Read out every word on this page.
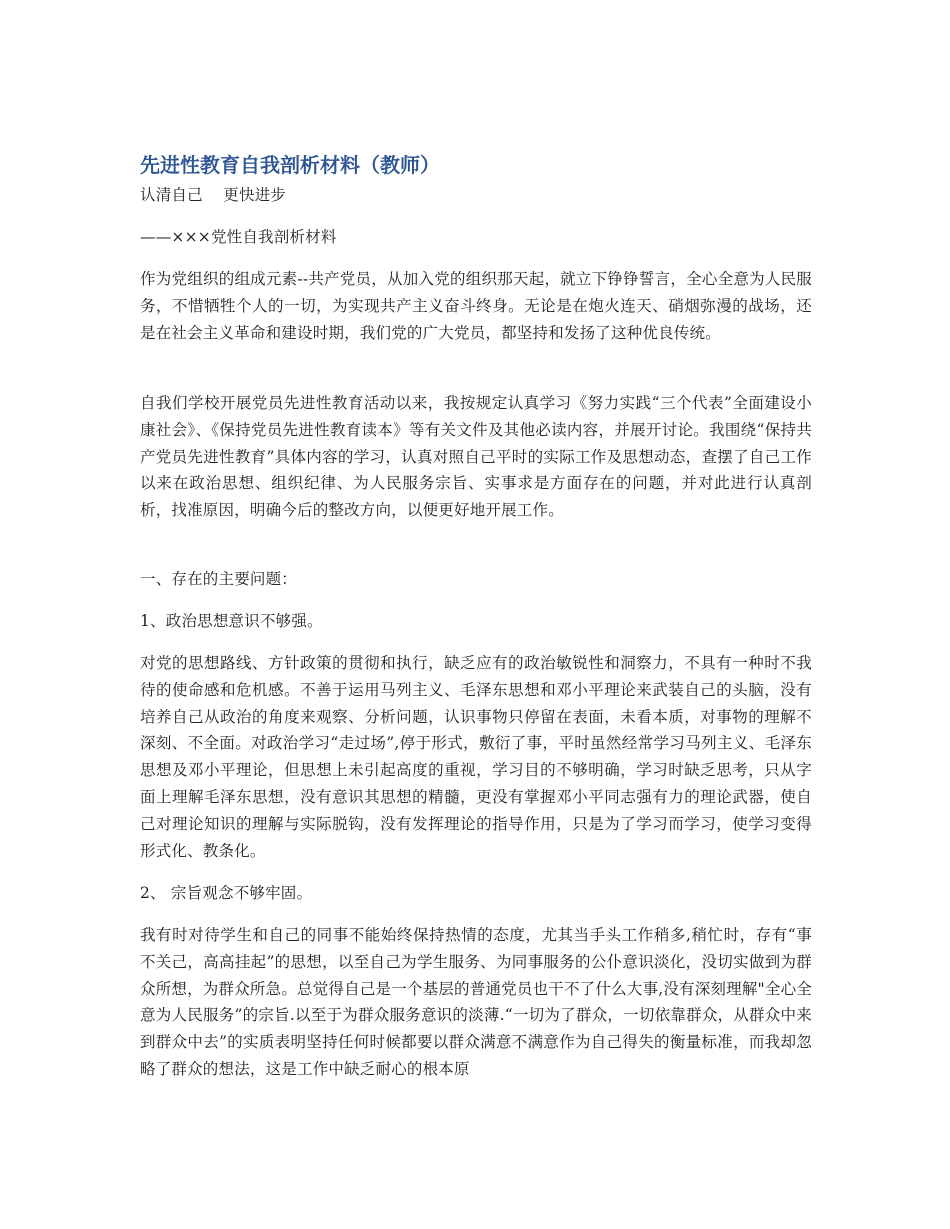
先进性教育自我剖析材料（教师）

认清自己    更快进步

——×××党性自我剖析材料

作为党组织的组成元素--共产党员，从加入党的组织那天起，就立下铮铮誓言，全心全意为人民服务，不惜牺牲个人的一切，为实现共产主义奋斗终身。无论是在炮火连天、硝烟弥漫的战场，还是在社会主义革命和建设时期，我们党的广大党员，都坚持和发扬了这种优良传统。

自我们学校开展党员先进性教育活动以来，我按规定认真学习《努力实践“三个代表”全面建设小康社会》、《保持党员先进性教育读本》等有关文件及其他必读内容，并展开讨论。我围绕“保持共产党员先进性教育”具体内容的学习，认真对照自己平时的实际工作及思想动态，查摆了自己工作以来在政治思想、组织纪律、为人民服务宗旨、实事求是方面存在的问题，并对此进行认真剖析，找准原因，明确今后的整改方向，以便更好地开展工作。

一、存在的主要问题：

1、政治思想意识不够强。

对党的思想路线、方针政策的贯彻和执行，缺乏应有的政治敏锐性和洞察力，不具有一种时不我待的使命感和危机感。不善于运用马列主义、毛泽东思想和邓小平理论来武装自己的头脑，没有培养自己从政治的角度来观察、分析问题，认识事物只停留在表面，未看本质，对事物的理解不深刻、不全面。对政治学习“走过场”,停于形式，敷衍了事，平时虽然经常学习马列主义、毛泽东思想及邓小平理论，但思想上未引起高度的重视，学习目的不够明确，学习时缺乏思考，只从字面上理解毛泽东思想，没有意识其思想的精髓，更没有掌握邓小平同志强有力的理论武器，使自己对理论知识的理解与实际脱钩，没有发挥理论的指导作用，只是为了学习而学习，使学习变得形式化、教条化。

2、 宗旨观念不够牢固。

我有时对待学生和自己的同事不能始终保持热情的态度，尤其当手头工作稍多,稍忙时，存有“事不关己，高高挂起”的思想，以至自己为学生服务、为同事服务的公仆意识淡化，没切实做到为群众所想，为群众所急。总觉得自己是一个基层的普通党员也干不了什么大事,没有深刻理解"全心全意为人民服务”的宗旨.以至于为群众服务意识的淡薄.“一切为了群众，一切依靠群众，从群众中来到群众中去”的实质表明坚持任何时候都要以群众满意不满意作为自己得失的衡量标准，而我却忽略了群众的想法，这是工作中缺乏耐心的根本原
